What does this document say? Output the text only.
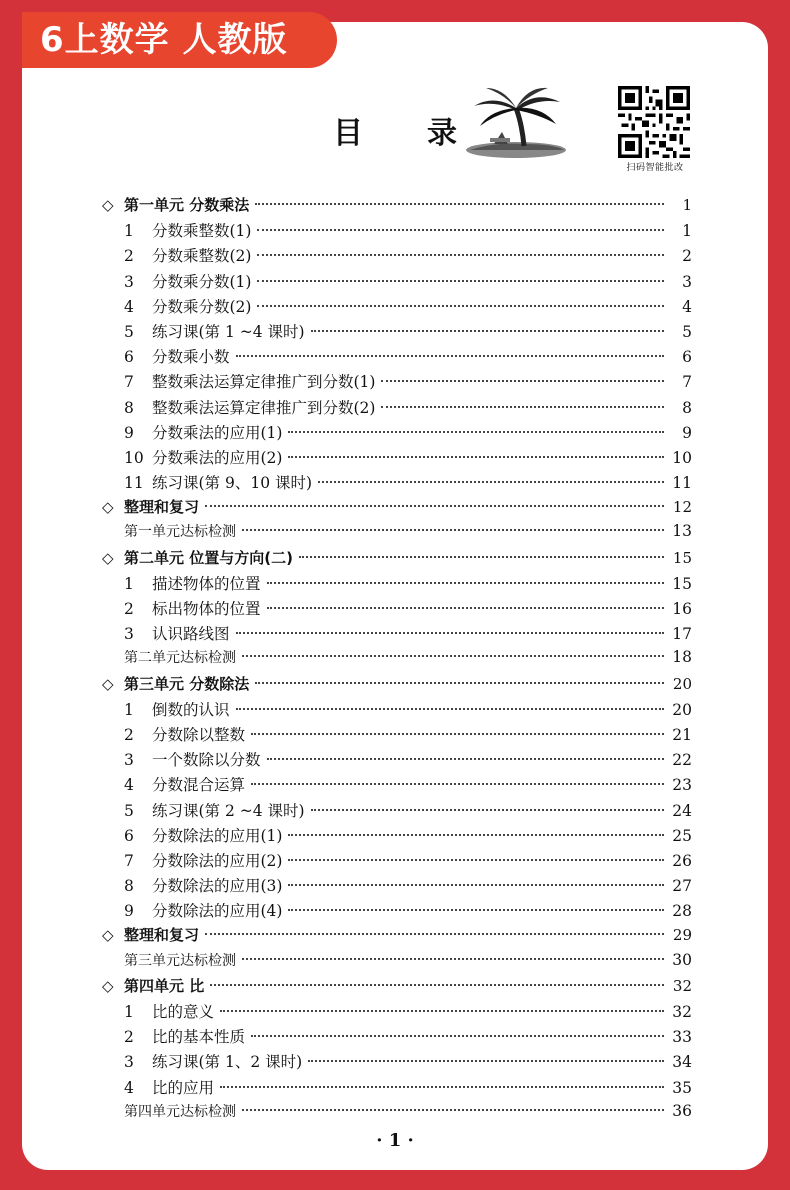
6上数学 人教版
目 录
扫码智能批改
◇ 第一单元 分数乘法	1
1 分数乘整数(1)	1
2 分数乘整数(2)	2
3 分数乘分数(1)	3
4 分数乘分数(2)	4
5 练习课(第 1 ~4 课时)	5
6 分数乘小数	6
7 整数乘法运算定律推广到分数(1)	7
8 整数乘法运算定律推广到分数(2)	8
9 分数乘法的应用(1)	9
10 分数乘法的应用(2)	10
11 练习课(第 9、10 课时)	11
◇ 整理和复习	12
第一单元达标检测	13
◇ 第二单元 位置与方向(二)	15
1 描述物体的位置	15
2 标出物体的位置	16
3 认识路线图	17
第二单元达标检测	18
◇ 第三单元 分数除法	20
1 倒数的认识	20
2 分数除以整数	21
3 一个数除以分数	22
4 分数混合运算	23
5 练习课(第 2 ~4 课时)	24
6 分数除法的应用(1)	25
7 分数除法的应用(2)	26
8 分数除法的应用(3)	27
9 分数除法的应用(4)	28
◇ 整理和复习	29
第三单元达标检测	30
◇ 第四单元 比	32
1 比的意义	32
2 比的基本性质	33
3 练习课(第 1、2 课时)	34
4 比的应用	35
第四单元达标检测	36
· 1 ·
